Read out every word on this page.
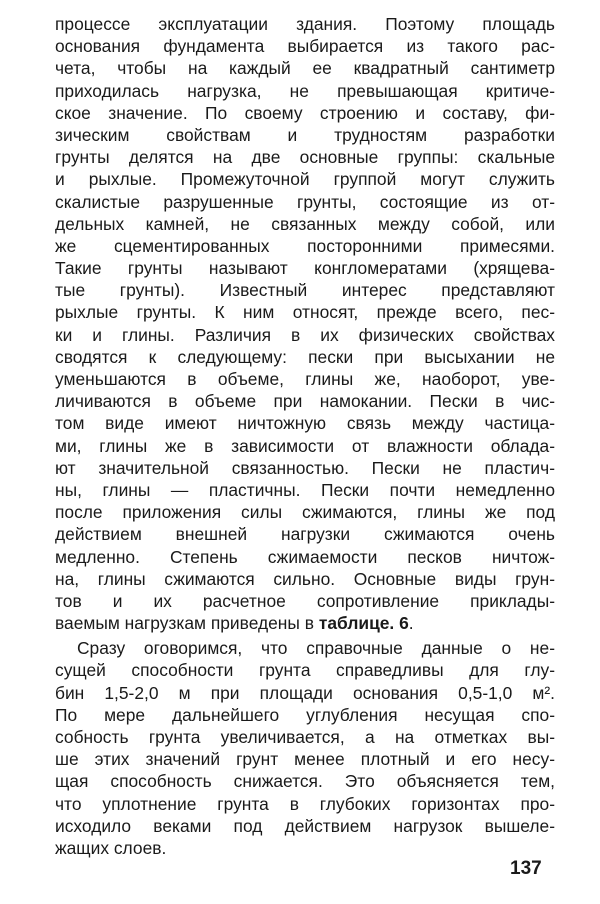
процессе эксплуатации здания. Поэтому площадь
основания фундамента выбирается из такого рас-
чета, чтобы на каждый ее квадратный сантиметр
приходилась нагрузка, не превышающая критиче-
ское значение. По своему строению и составу, фи-
зическим свойствам и трудностям разработки
грунты делятся на две основные группы: скальные
и рыхлые. Промежуточной группой могут служить
скалистые разрушенные грунты, состоящие из от-
дельных камней, не связанных между собой, или
же сцементированных посторонними примесями.
Такие грунты называют конгломератами (хрящева-
тые грунты). Известный интерес представляют
рыхлые грунты. К ним относят, прежде всего, пес-
ки и глины. Различия в их физических свойствах
сводятся к следующему: пески при высыхании не
уменьшаются в объеме, глины же, наоборот, уве-
личиваются в объеме при намокании. Пески в чис-
том виде имеют ничтожную связь между частица-
ми, глины же в зависимости от влажности облада-
ют значительной связанностью. Пески не пластич-
ны, глины — пластичны. Пески почти немедленно
после приложения силы сжимаются, глины же под
действием внешней нагрузки сжимаются очень
медленно. Степень сжимаемости песков ничтож-
на, глины сжимаются сильно. Основные виды грун-
тов и их расчетное сопротивление приклады-
ваемым нагрузкам приведены в таблице. 6.
Сразу оговоримся, что справочные данные о не-
сущей способности грунта справедливы для глу-
бин 1,5-2,0 м при площади основания 0,5-1,0 м².
По мере дальнейшего углубления несущая спо-
собность грунта увеличивается, а на отметках вы-
ше этих значений грунт менее плотный и его несу-
щая способность снижается. Это объясняется тем,
что уплотнение грунта в глубоких горизонтах про-
исходило веками под действием нагрузок вышеле-
жащих слоев.
137
